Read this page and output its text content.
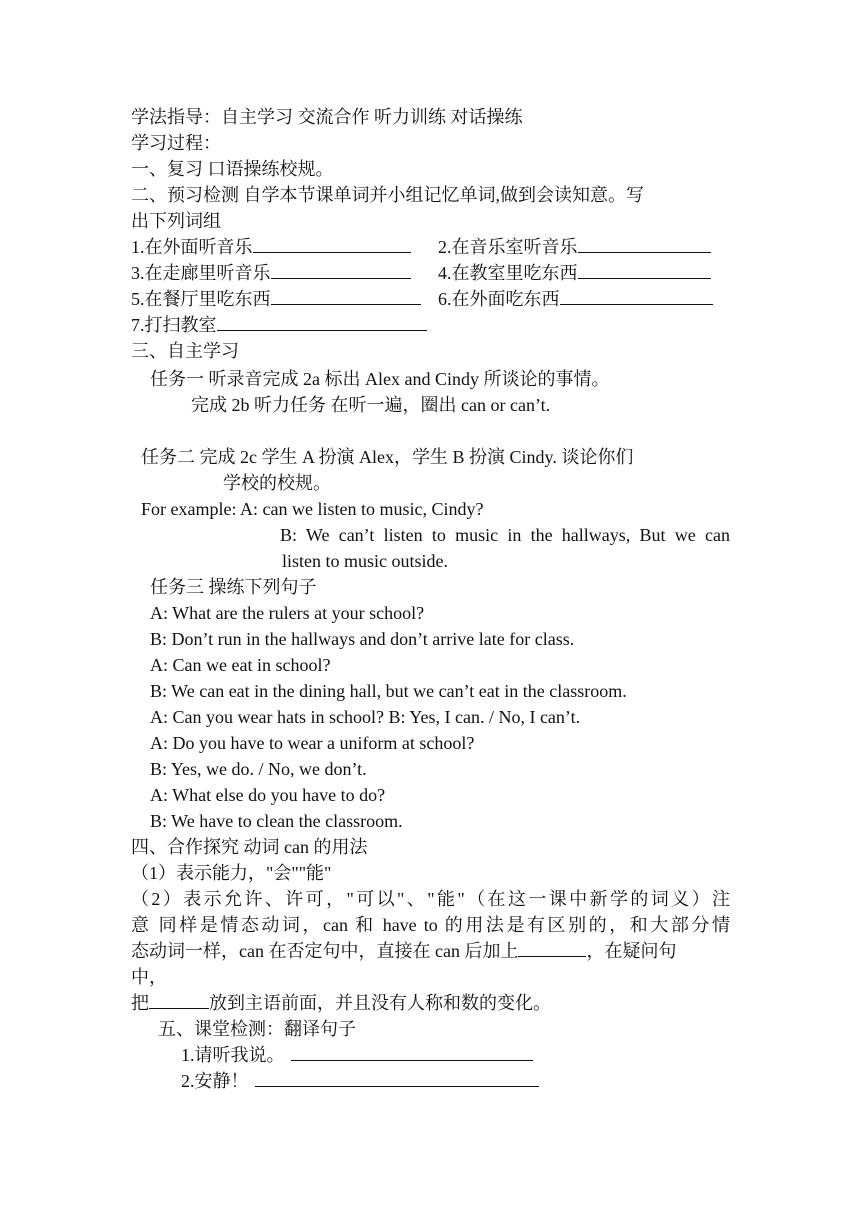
学法指导：自主学习 交流合作 听力训练 对话操练
学习过程：
一、复习 口语操练校规。
二、预习检测 自学本节课单词并小组记忆单词,做到会读知意。写
出下列词组
1.在外面听音乐	2.在音乐室听音乐
3.在走廊里听音乐	4.在教室里吃东西
5.在餐厅里吃东西	6.在外面吃东西
7.打扫教室
三、自主学习
任务一 听录音完成 2a 标出 Alex and Cindy 所谈论的事情。
完成 2b 听力任务 在听一遍，圈出 can or can’t.
任务二 完成 2c 学生 A 扮演 Alex，学生 B 扮演 Cindy. 谈论你们
学校的校规。
For example: A: can we listen to music, Cindy?
B: We can’t listen to music in the hallways, But we can
listen to music outside.
任务三 操练下列句子
A: What are the rulers at your school?
B: Don’t run in the hallways and don’t arrive late for class.
A: Can we eat in school?
B: We can eat in the dining hall, but we can’t eat in the classroom.
A: Can you wear hats in school? B: Yes, I can. / No, I can’t.
A: Do you have to wear a uniform at school?
B: Yes, we do. / No, we don’t.
A: What else do you have to do?
B: We have to clean the classroom.
四、合作探究 动词 can 的用法
（1）表示能力，"会""能"
（2）表示允许、许可，"可以"、"能"（在这一课中新学的词义）注
意 同样是情态动词，can 和 have to 的用法是有区别的，和大部分情
态动词一样，can 在否定句中，直接在 can 后加上	，在疑问句
中，
把	放到主语前面，并且没有人称和数的变化。
五、课堂检测：翻译句子
1.请听我说。
2.安静！
